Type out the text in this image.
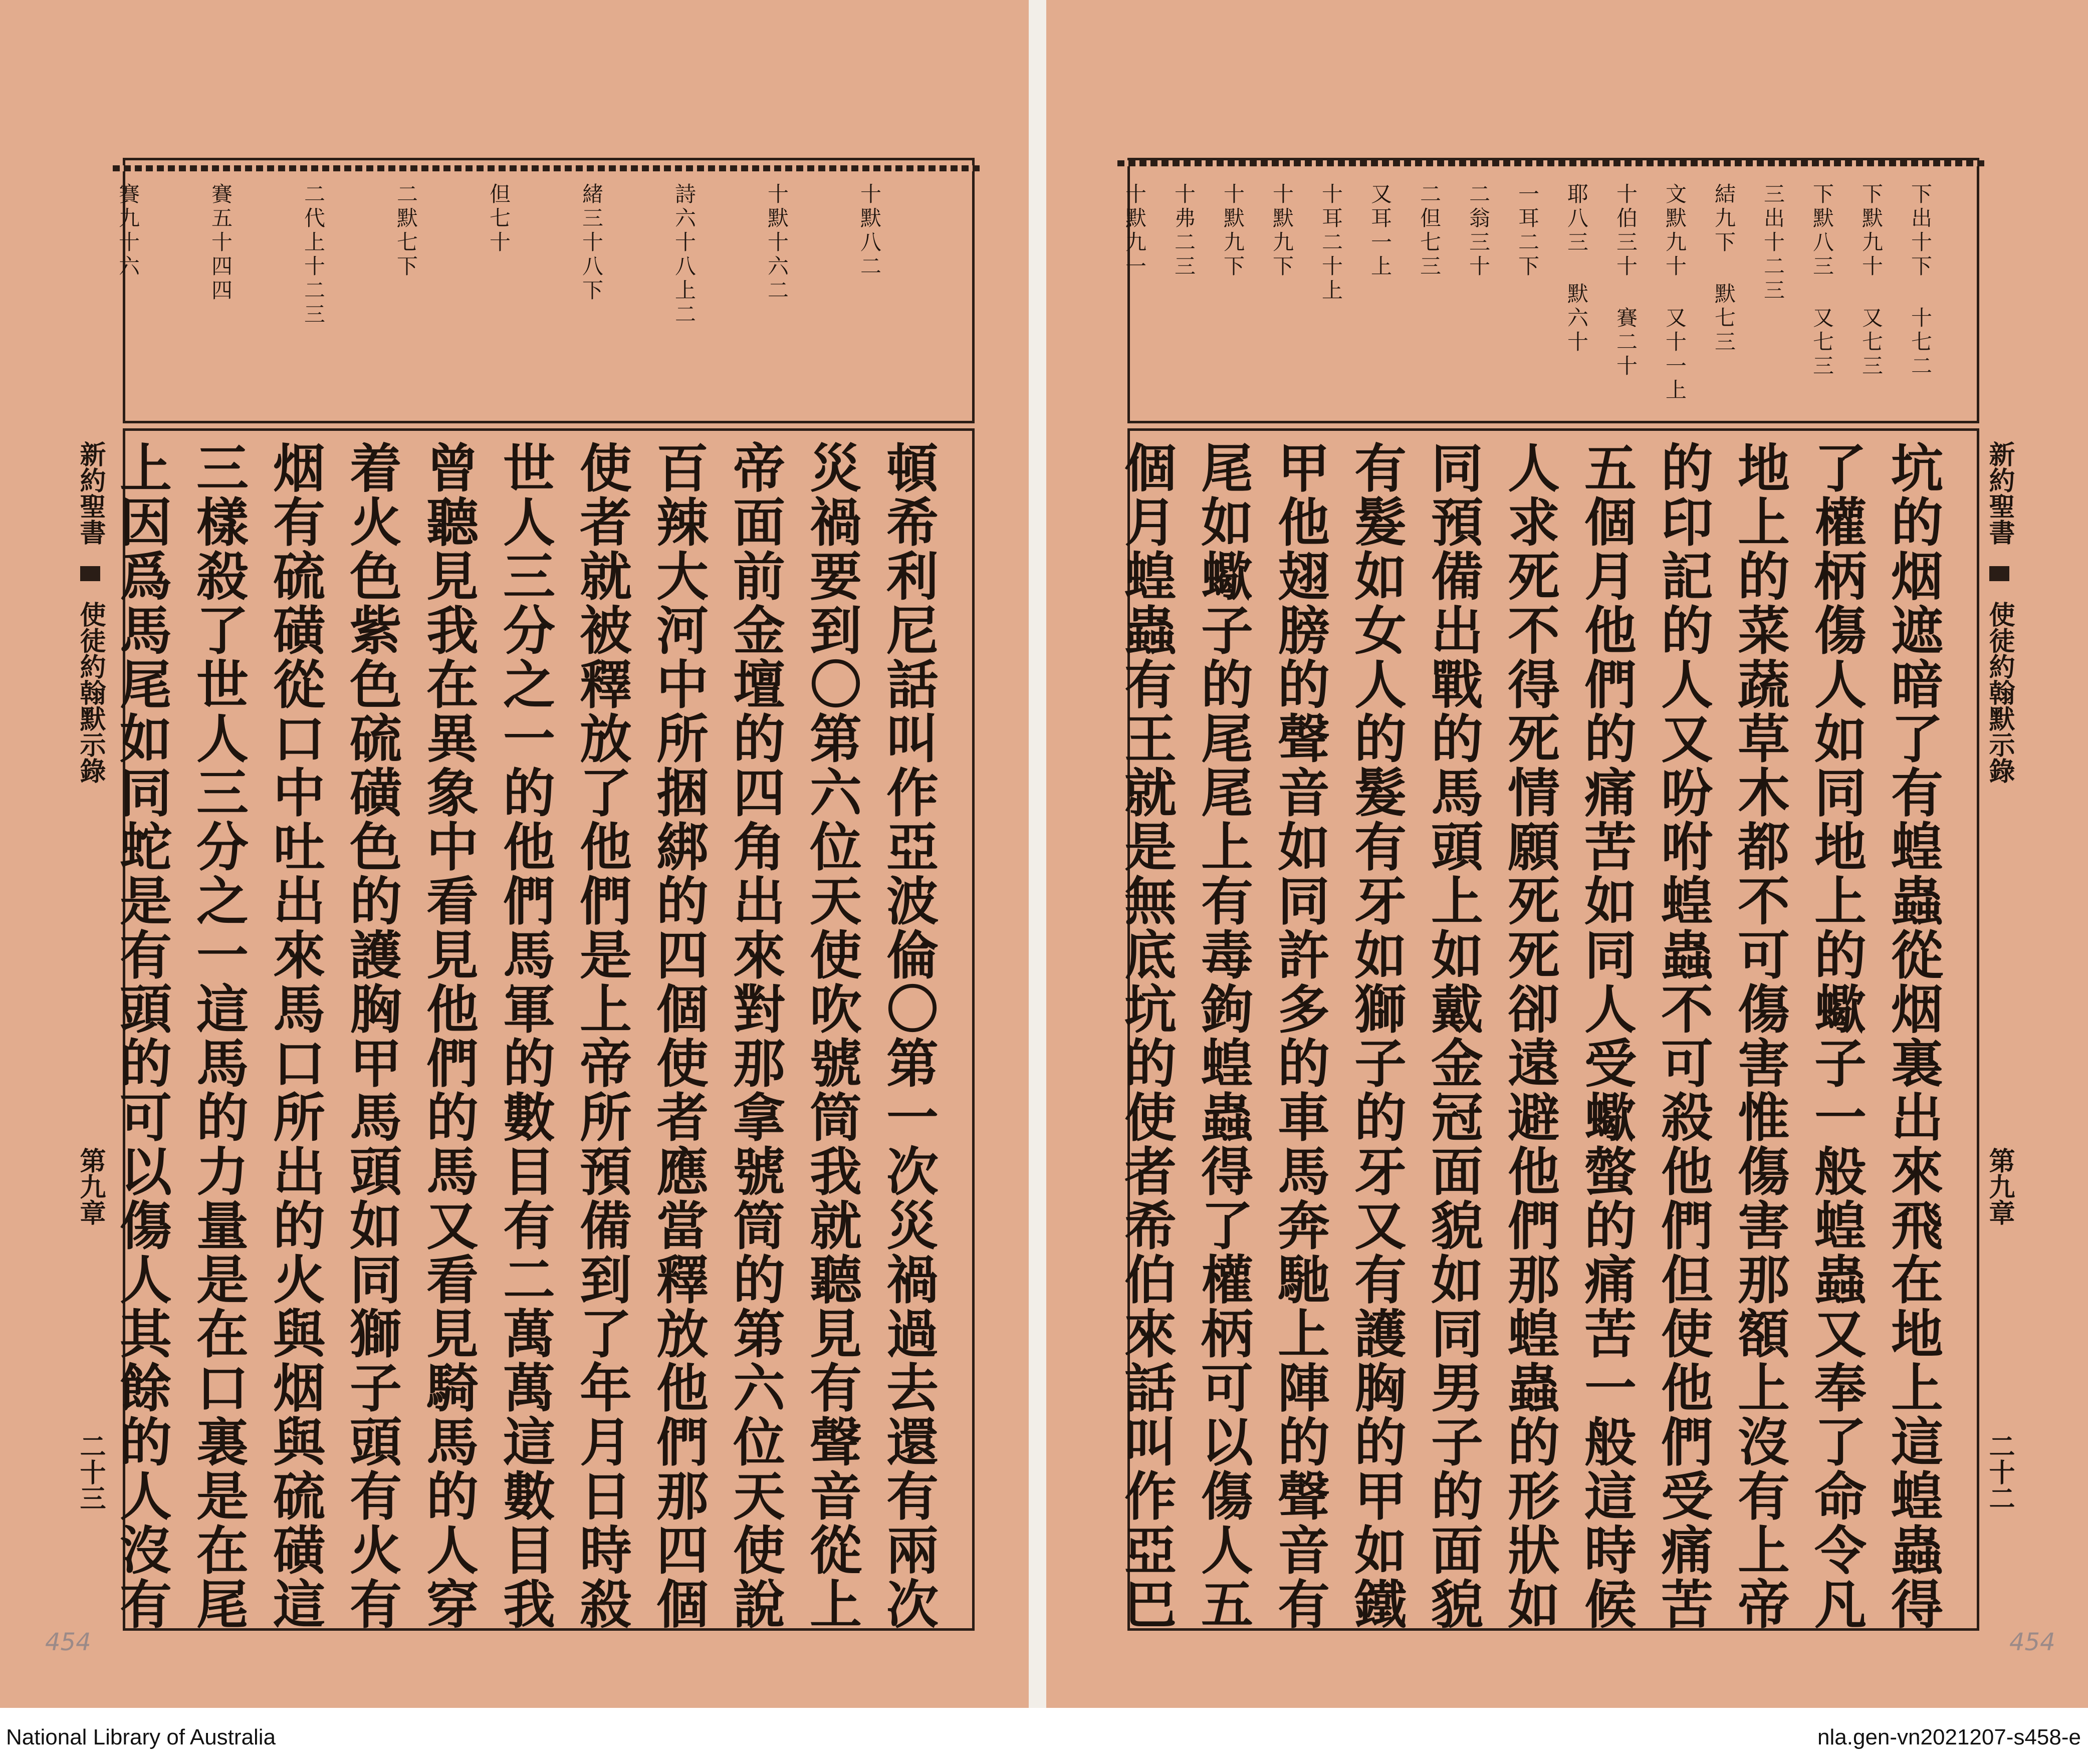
十默八二
十默十六二
詩六十八上二
緒三十八下
但七十
二默七下
二代上十二三
賽五十四四
賽九十六
頓希利尼話叫作亞波倫〇第一次災禍過去還有兩次
災禍要到〇第六位天使吹號筒我就聽見有聲音從上
帝面前金壇的四角出來對那拿號筒的第六位天使說
百辣大河中所捆綁的四個使者應當釋放他們那四個
使者就被釋放了他們是上帝所預備到了年月日時殺
世人三分之一的他們馬軍的數目有二萬萬這數目我
曾聽見我在異象中看見他們的馬又看見騎馬的人穿
着火色紫色硫磺色的護胸甲馬頭如同獅子頭有火有
烟有硫磺從口中吐出來馬口所出的火與烟與硫磺這
三樣殺了世人三分之一這馬的力量是在口裏是在尾
上因爲馬尾如同蛇是有頭的可以傷人其餘的人沒有
新約聖書
使徒約翰默示錄
第九章
二十三
454
下出十下 十七二
下默九十 又七三
下默八三 又七三
三出十二三
結九下 默七三
文默九十 又十一上
十伯三十 賽二十
耶八三 默六十
一耳二下
二翁三十
二但七三
又耳一上
十耳二十上
十默九下
十默九下
十弗二三
十默九一
坑的烟遮暗了有蝗蟲從烟裏出來飛在地上這蝗蟲得
了權柄傷人如同地上的蠍子一般蝗蟲又奉了命令凡
地上的菜蔬草木都不可傷害惟傷害那額上沒有上帝
的印記的人又吩咐蝗蟲不可殺他們但使他們受痛苦
五個月他們的痛苦如同人受蠍螫的痛苦一般這時候
人求死不得死情願死死卻遠避他們那蝗蟲的形狀如
同預備出戰的馬頭上如戴金冠面貌如同男子的面貌
有髮如女人的髮有牙如獅子的牙又有護胸的甲如鐵
甲他翅膀的聲音如同許多的車馬奔馳上陣的聲音有
尾如蠍子的尾尾上有毒鉤蝗蟲得了權柄可以傷人五
個月蝗蟲有王就是無底坑的使者希伯來話叫作亞巴	新約聖書
使徒約翰默示錄
第九章
二十二
454
National Library of Australia	nla.gen-vn2021207-s458-e
